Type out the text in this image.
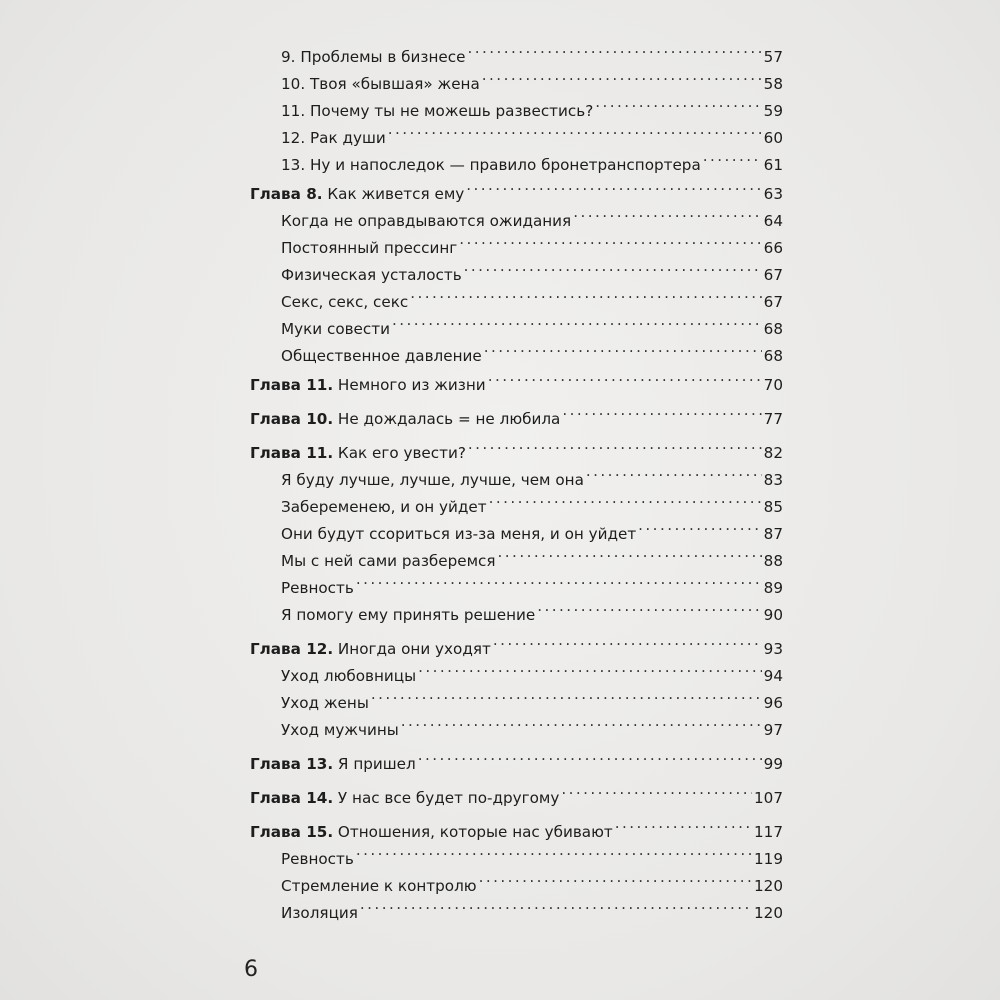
9. Проблемы в бизнесе . . .	57
10. Твоя «бывшая» жена . . .	58
11. Почему ты не можешь развестись? . . .	59
12. Рак души . . .	60
13. Ну и напоследок — правило бронетранспортера . . .	61
Глава 8. Как живется ему . . .	63
Когда не оправдываются ожидания . . .	64
Постоянный прессинг . . .	66
Физическая усталость . . .	67
Секс, секс, секс . . .	67
Муки совести . . .	68
Общественное давление . . .	68
Глава 11. Немного из жизни . . .	70
Глава 10. Не дождалась = не любила . . .	77
Глава 11. Как его увести? . . .	82
Я буду лучше, лучше, лучше, чем она . . .	83
Забеременею, и он уйдет . . .	85
Они будут ссориться из-за меня, и он уйдет . . .	87
Мы с ней сами разберемся . . .	88
Ревность . . .	89
Я помогу ему принять решение . . .	90
Глава 12. Иногда они уходят . . .	93
Уход любовницы . . .	94
Уход жены . . .	96
Уход мужчины . . .	97
Глава 13. Я пришел . . .	99
Глава 14. У нас все будет по-другому . . .	107
Глава 15. Отношения, которые нас убивают . . .	117
Ревность . . .	119
Стремление к контролю . . .	120
Изоляция . . .	120
6
